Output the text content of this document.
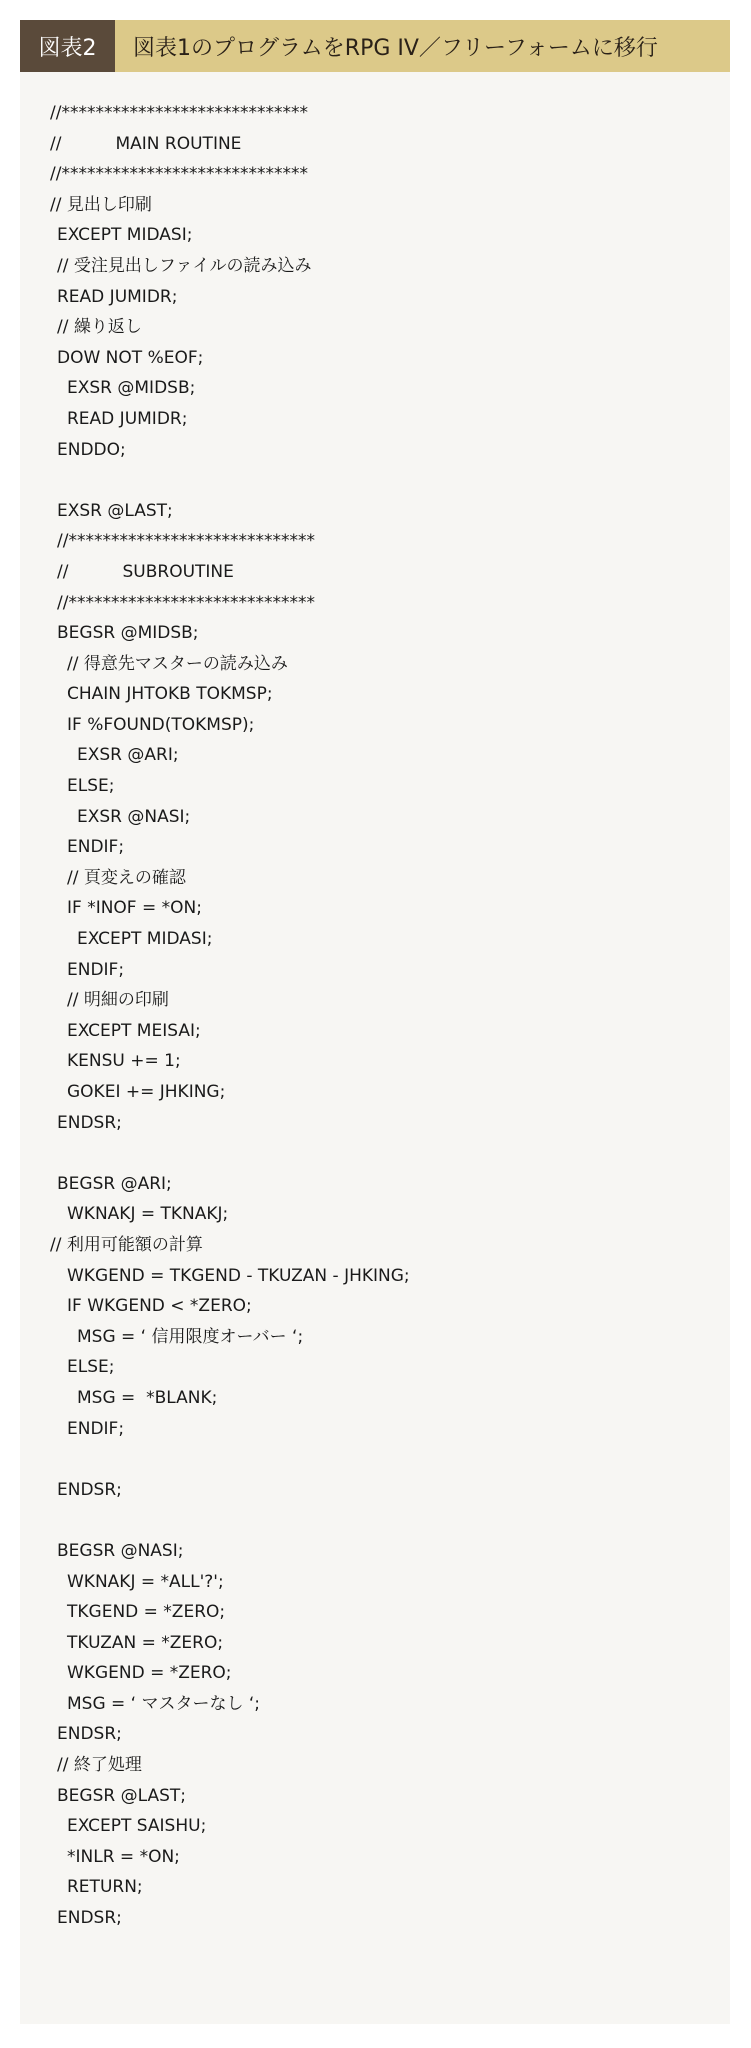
図表2	図表1のプログラムをRPG IV／フリーフォームに移行
//*****************************
//          MAIN ROUTINE
//*****************************
// 見出し印刷
EXCEPT MIDASI;
// 受注見出しファイルの読み込み
READ JUMIDR;
// 繰り返し
DOW NOT %EOF;
EXSR @MIDSB;
READ JUMIDR;
ENDDO;
EXSR @LAST;
//*****************************
//          SUBROUTINE
//*****************************
BEGSR @MIDSB;
// 得意先マスターの読み込み
CHAIN JHTOKB TOKMSP;
IF %FOUND(TOKMSP);
EXSR @ARI;
ELSE;
EXSR @NASI;
ENDIF;
// 頁変えの確認
IF *INOF = *ON;
EXCEPT MIDASI;
ENDIF;
// 明細の印刷
EXCEPT MEISAI;
KENSU += 1;
GOKEI += JHKING;
ENDSR;
BEGSR @ARI;
WKNAKJ = TKNAKJ;
// 利用可能額の計算
WKGEND = TKGEND - TKUZAN - JHKING;
IF WKGEND < *ZERO;
MSG = ‘ 信用限度オーバー ‘;
ELSE;
MSG =  *BLANK;
ENDIF;
ENDSR;
BEGSR @NASI;
WKNAKJ = *ALL'?';
TKGEND = *ZERO;
TKUZAN = *ZERO;
WKGEND = *ZERO;
MSG = ‘ マスターなし ‘;
ENDSR;
// 終了処理
BEGSR @LAST;
EXCEPT SAISHU;
*INLR = *ON;
RETURN;
ENDSR;
